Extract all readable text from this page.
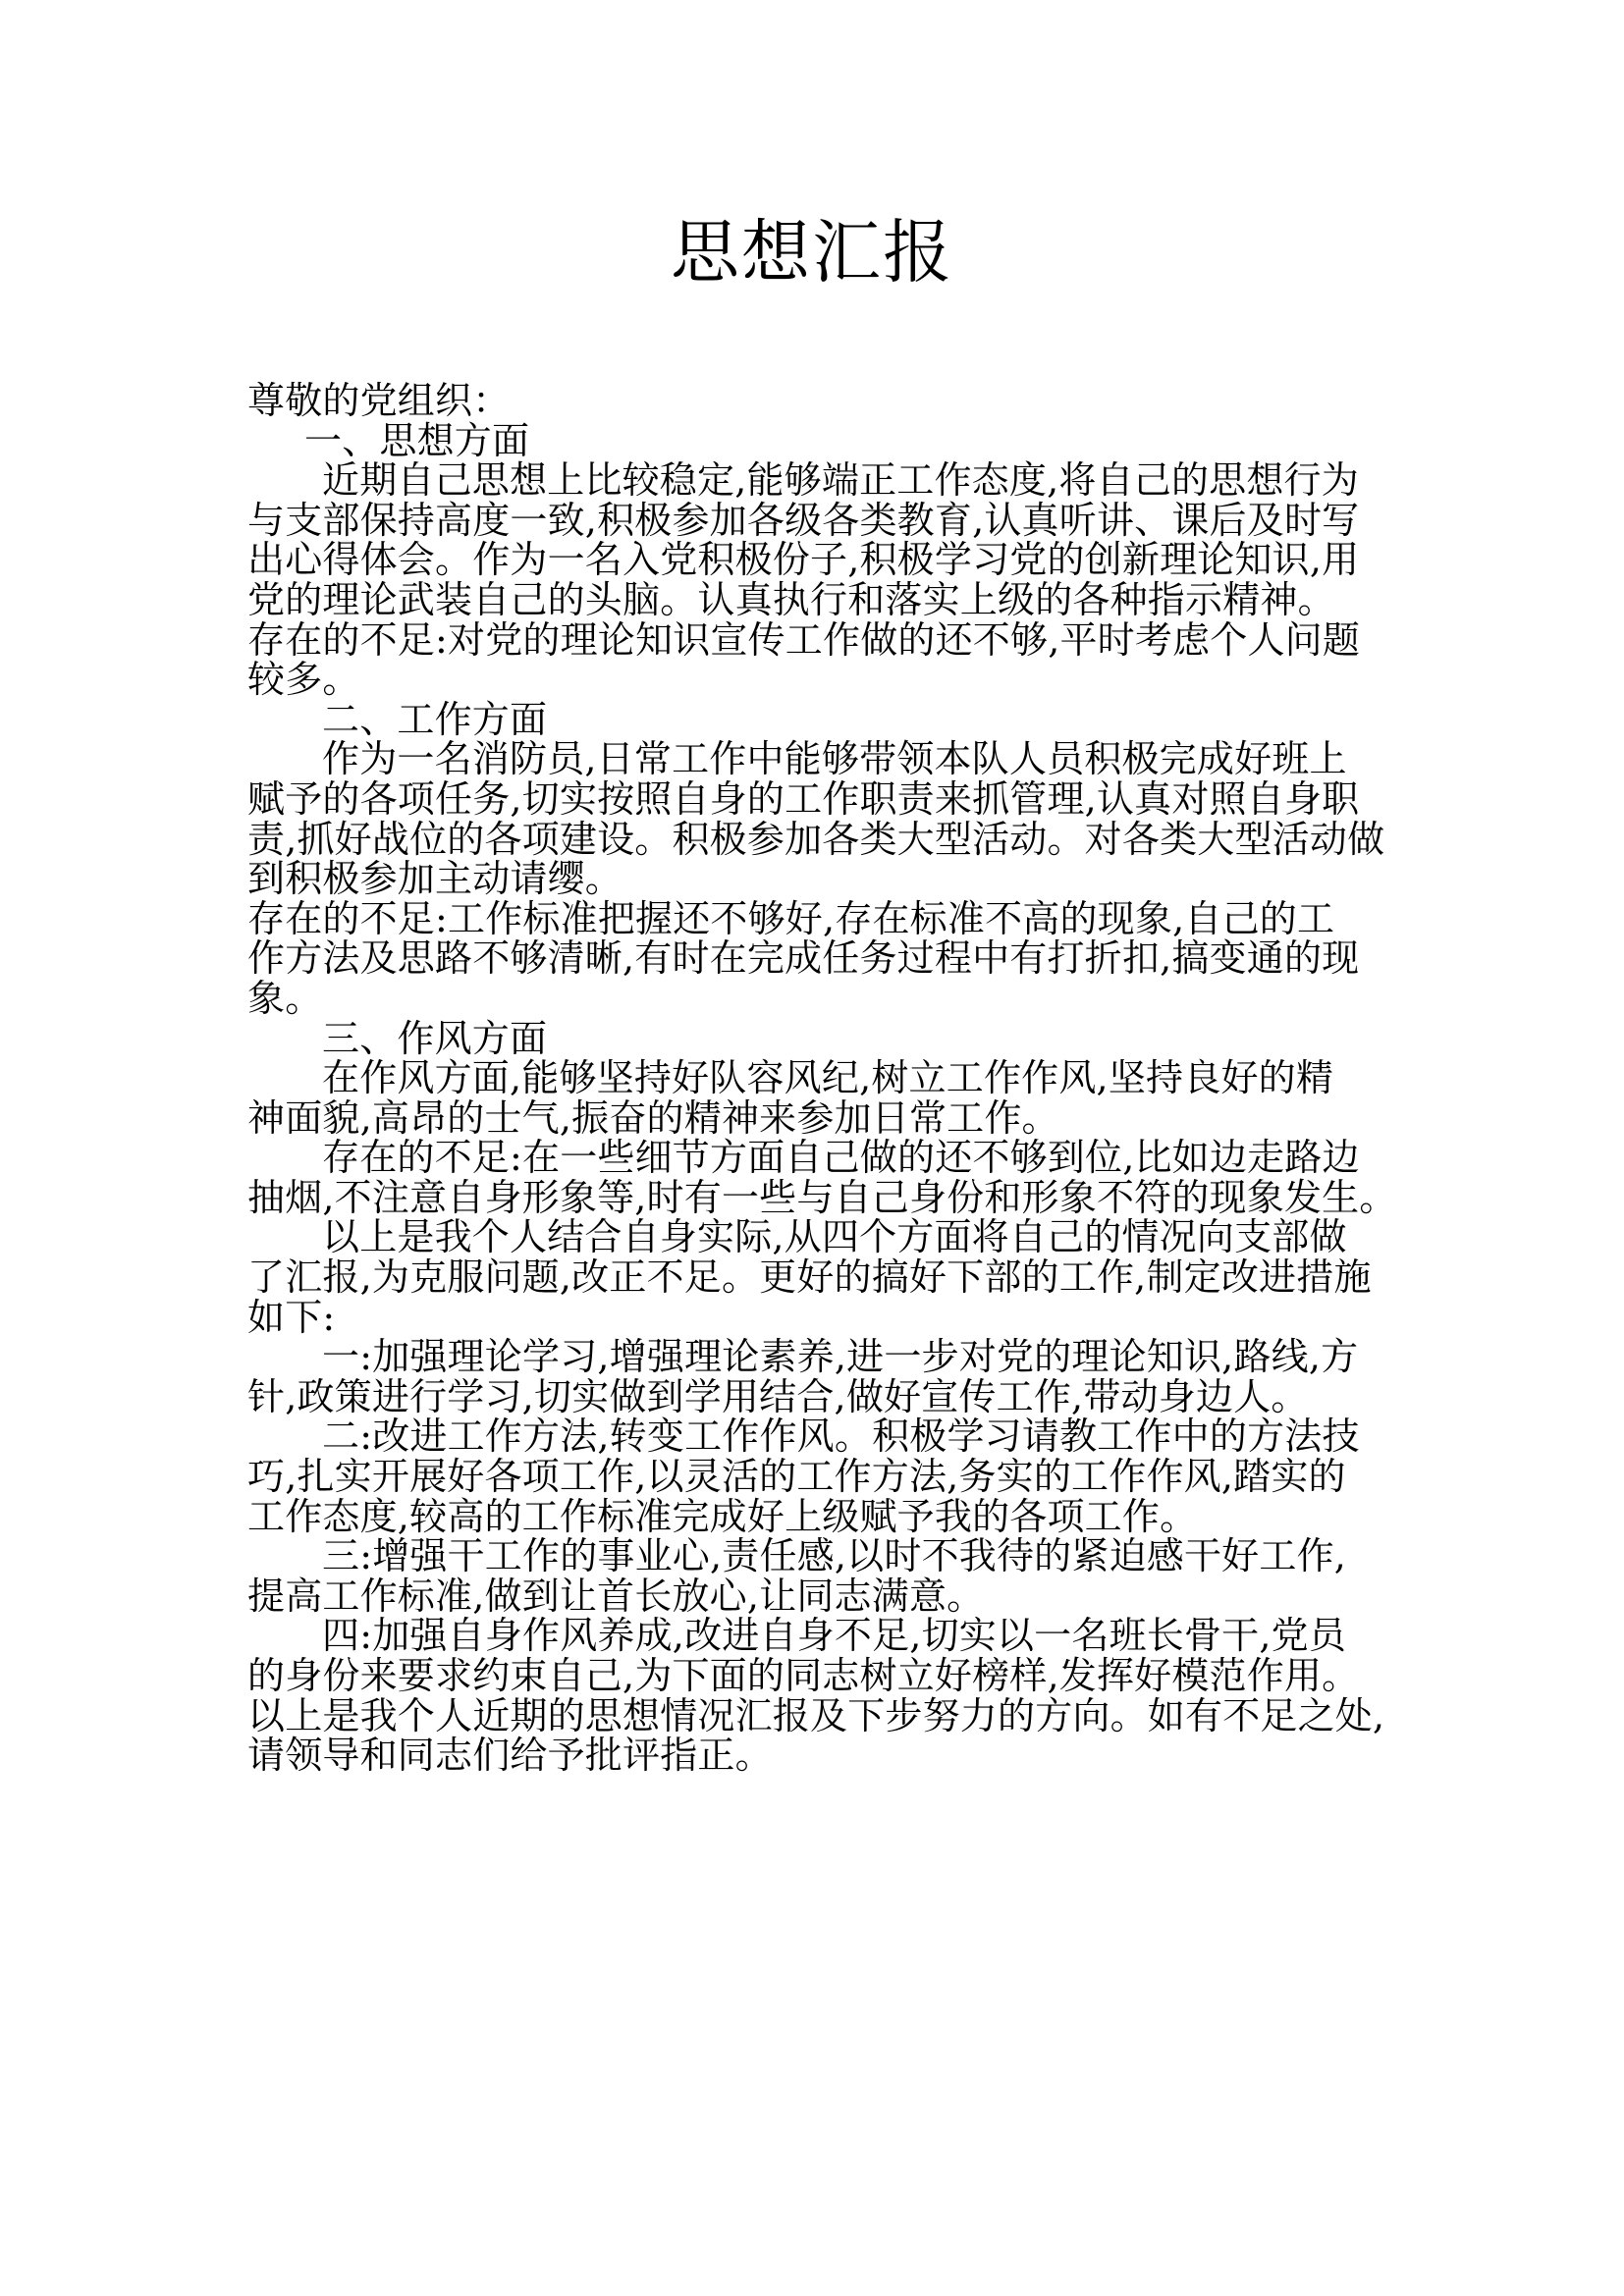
思想汇报
尊敬的党组织：
一、思想方面
近期自己思想上比较稳定,能够端正工作态度,将自己的思想行为
与支部保持高度一致,积极参加各级各类教育,认真听讲、课后及时写
出心得体会。作为一名入党积极份子,积极学习党的创新理论知识,用
党的理论武装自己的头脑。认真执行和落实上级的各种指示精神。
存在的不足:对党的理论知识宣传工作做的还不够,平时考虑个人问题
较多。
二、工作方面
作为一名消防员,日常工作中能够带领本队人员积极完成好班上
赋予的各项任务,切实按照自身的工作职责来抓管理,认真对照自身职
责,抓好战位的各项建设。积极参加各类大型活动。对各类大型活动做
到积极参加主动请缨。
存在的不足:工作标准把握还不够好,存在标准不高的现象,自己的工
作方法及思路不够清晰,有时在完成任务过程中有打折扣,搞变通的现
象。
三、作风方面
在作风方面,能够坚持好队容风纪,树立工作作风,坚持良好的精
神面貌,高昂的士气,振奋的精神来参加日常工作。
存在的不足:在一些细节方面自己做的还不够到位,比如边走路边
抽烟,不注意自身形象等,时有一些与自己身份和形象不符的现象发生。
以上是我个人结合自身实际,从四个方面将自己的情况向支部做
了汇报,为克服问题,改正不足。更好的搞好下部的工作,制定改进措施
如下:
一:加强理论学习,增强理论素养,进一步对党的理论知识,路线,方
针,政策进行学习,切实做到学用结合,做好宣传工作,带动身边人。
二:改进工作方法,转变工作作风。积极学习请教工作中的方法技
巧,扎实开展好各项工作,以灵活的工作方法,务实的工作作风,踏实的
工作态度,较高的工作标准完成好上级赋予我的各项工作。
三:增强干工作的事业心,责任感,以时不我待的紧迫感干好工作,
提高工作标准,做到让首长放心,让同志满意。
四:加强自身作风养成,改进自身不足,切实以一名班长骨干,党员
的身份来要求约束自己,为下面的同志树立好榜样,发挥好模范作用。
以上是我个人近期的思想情况汇报及下步努力的方向。如有不足之处,
请领导和同志们给予批评指正。
